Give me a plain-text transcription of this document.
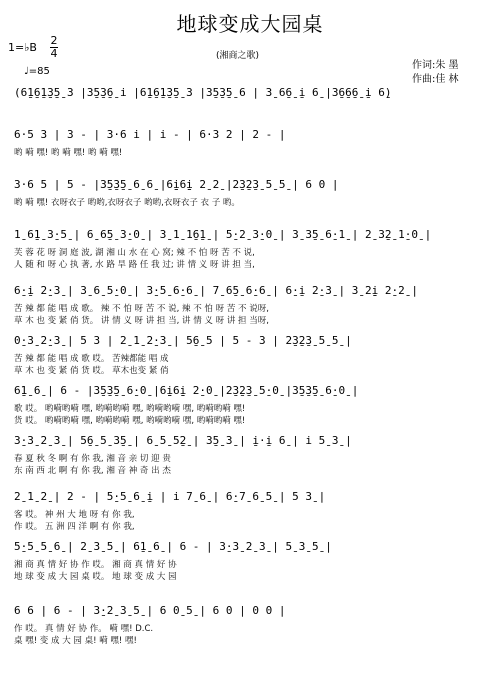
地球变成大园桌
1=♭B
2
4
♩=85
(湘商之歌)
作词:朱 墨
作曲:佳 林
(6̱1̱6̱1̱3̱5̱ 3 |3̱5̱3̱6̱ i |6̱1̱6̱1̱3̱5̱ 3 |3̱5̱3̱5̱ 6 | 3̱ 6̱6̱ i̱ 6̱ |3̱6̱6̱6̱ i̱ 6̱)
6·5 3 | 3 - | 3·6 i | i - | 6·3 2 | 2 - |
哟 嗬 嘿! 哟 嗬 嘿! 哟 嗬 嘿!
3·6 5 | 5 - |3̱5̱3̱5̱ 6̱ 6̱ |6̱i̱6̱i̱ 2̱ 2̱ |2̱3̱2̱3̱ 5̱ 5̱ | 6 0 |
哟 嗬 嘿! 衣呀衣子 哟哟,衣呀衣子 哟哟,衣呀衣子 衣 子 哟。
1̱ 6̱1̱ 3̱·5̱ | 6̱ 6̱5̱ 3̱·0̱ | 3̱ 1̱ 1̱6̱1̱ | 5̱·2̱ 3̱·0̱ | 3̱ 3̱5̱ 6̱·1̱ | 2̱ 3̱2̱ 1̱·0̱ |
芙 蓉 花 呀 洞 庭 波, 湖 湘 山 水 在 心 窝; 辣 不 怕 呀 苦 不 说,
人 随 和 呀 心 执 著, 水 路 旱 路 任 我 过; 讲 情 义 呀 讲 担 当,
6̱·i̱ 2̱·3̱ | 3̱ 6̱ 5̱·0̱ | 3̱·5̱ 6̱·6̱ | 7̱ 6̱5̱ 6̱·6̱ | 6̱·i̱ 2̱·3̱ | 3̱ 2̱i̱ 2̱·2̱ |
苦 辣 都 能 唱 成 歌。 辣 不 怕 呀 苦 不 说, 辣 不 怕 呀 苦 不 说呀,
草 木 也 变 紧 俏 货。 讲 情 义 呀 讲 担 当, 讲 情 义 呀 讲 担 当呀,
0̱·3̱ 2̱·3̱ | 5 3 | 2̱ 1̱ 2̱·3̱ | 5̱6̱ 5 | 5 - 3 | 2̱3̱2̱3̱ 5̱ 5̱ |
苦 辣 都 能 唱 成 歌 哎。 苦辣都能 唱 成
草 木 也 变 紧 俏 货 哎。 草木也变 紧 俏
6̱1̱ 6̱ | 6 - |3̱5̱3̱5̱ 6̱·0̱ |6̱i̱6̱i̱ 2̱·0̱ |2̱3̱2̱3̱ 5̱·0̱ |3̱5̱3̱5̱ 6̱·0̱ |
歌 哎。 哟嗬哟嗬 嘿, 哟嗬哟嗬 嘿, 哟嗬哟嗬 嘿, 哟嗬哟嗬 嘿!
货 哎。 哟嗬哟嗬 嘿, 哟嗬哟嗬 嘿, 哟嗬哟嗬 嘿, 哟嗬哟嗬 嘿!
3̱·3̱ 2̱ 3̱ | 5̱6̱ 5̱ 3̱5̱ | 6̱ 5̱ 5̱2̱ | 3̱5̱ 3̱ | i̱·i̱ 6̱ | i 5̱ 3̱ |
春 夏 秋 冬 啊 有 你 我, 湘 音 亲 切 迎 贵
东 南 西 北 啊 有 你 我, 湘 音 神 奇 出 杰
2̱ 1̱ 2̱ | 2 - | 5̱·5̱ 6̱ i̱ | i 7̱ 6̱ | 6̱·7̱ 6̱ 5̱ | 5 3̱ |
客 哎。 神 州 大 地 呀 有 你 我,
作 哎。 五 洲 四 洋 啊 有 你 我,
5̱·5̱ 5̱ 6̱ | 2̱ 3̱ 5̱ | 6̱1̱ 6̱ | 6 - | 3̱·3̱ 2̱ 3̱ | 5̱ 3̱ 5̱ |
湘 商 真 情 好 协 作 哎。 湘 商 真 情 好 协
地 球 变 成 大 园 桌 哎。 地 球 变 成 大 园
6 6 | 6 - | 3̱·2̱ 3̱ 5̱ | 6 0̱ 5̱ | 6 0 | 0 0 |
作 哎。 真 情 好 协 作。 嗬 嘿! D.C.
桌 嘿! 变 成 大 园 桌! 嗬 嘿! 嘿!
